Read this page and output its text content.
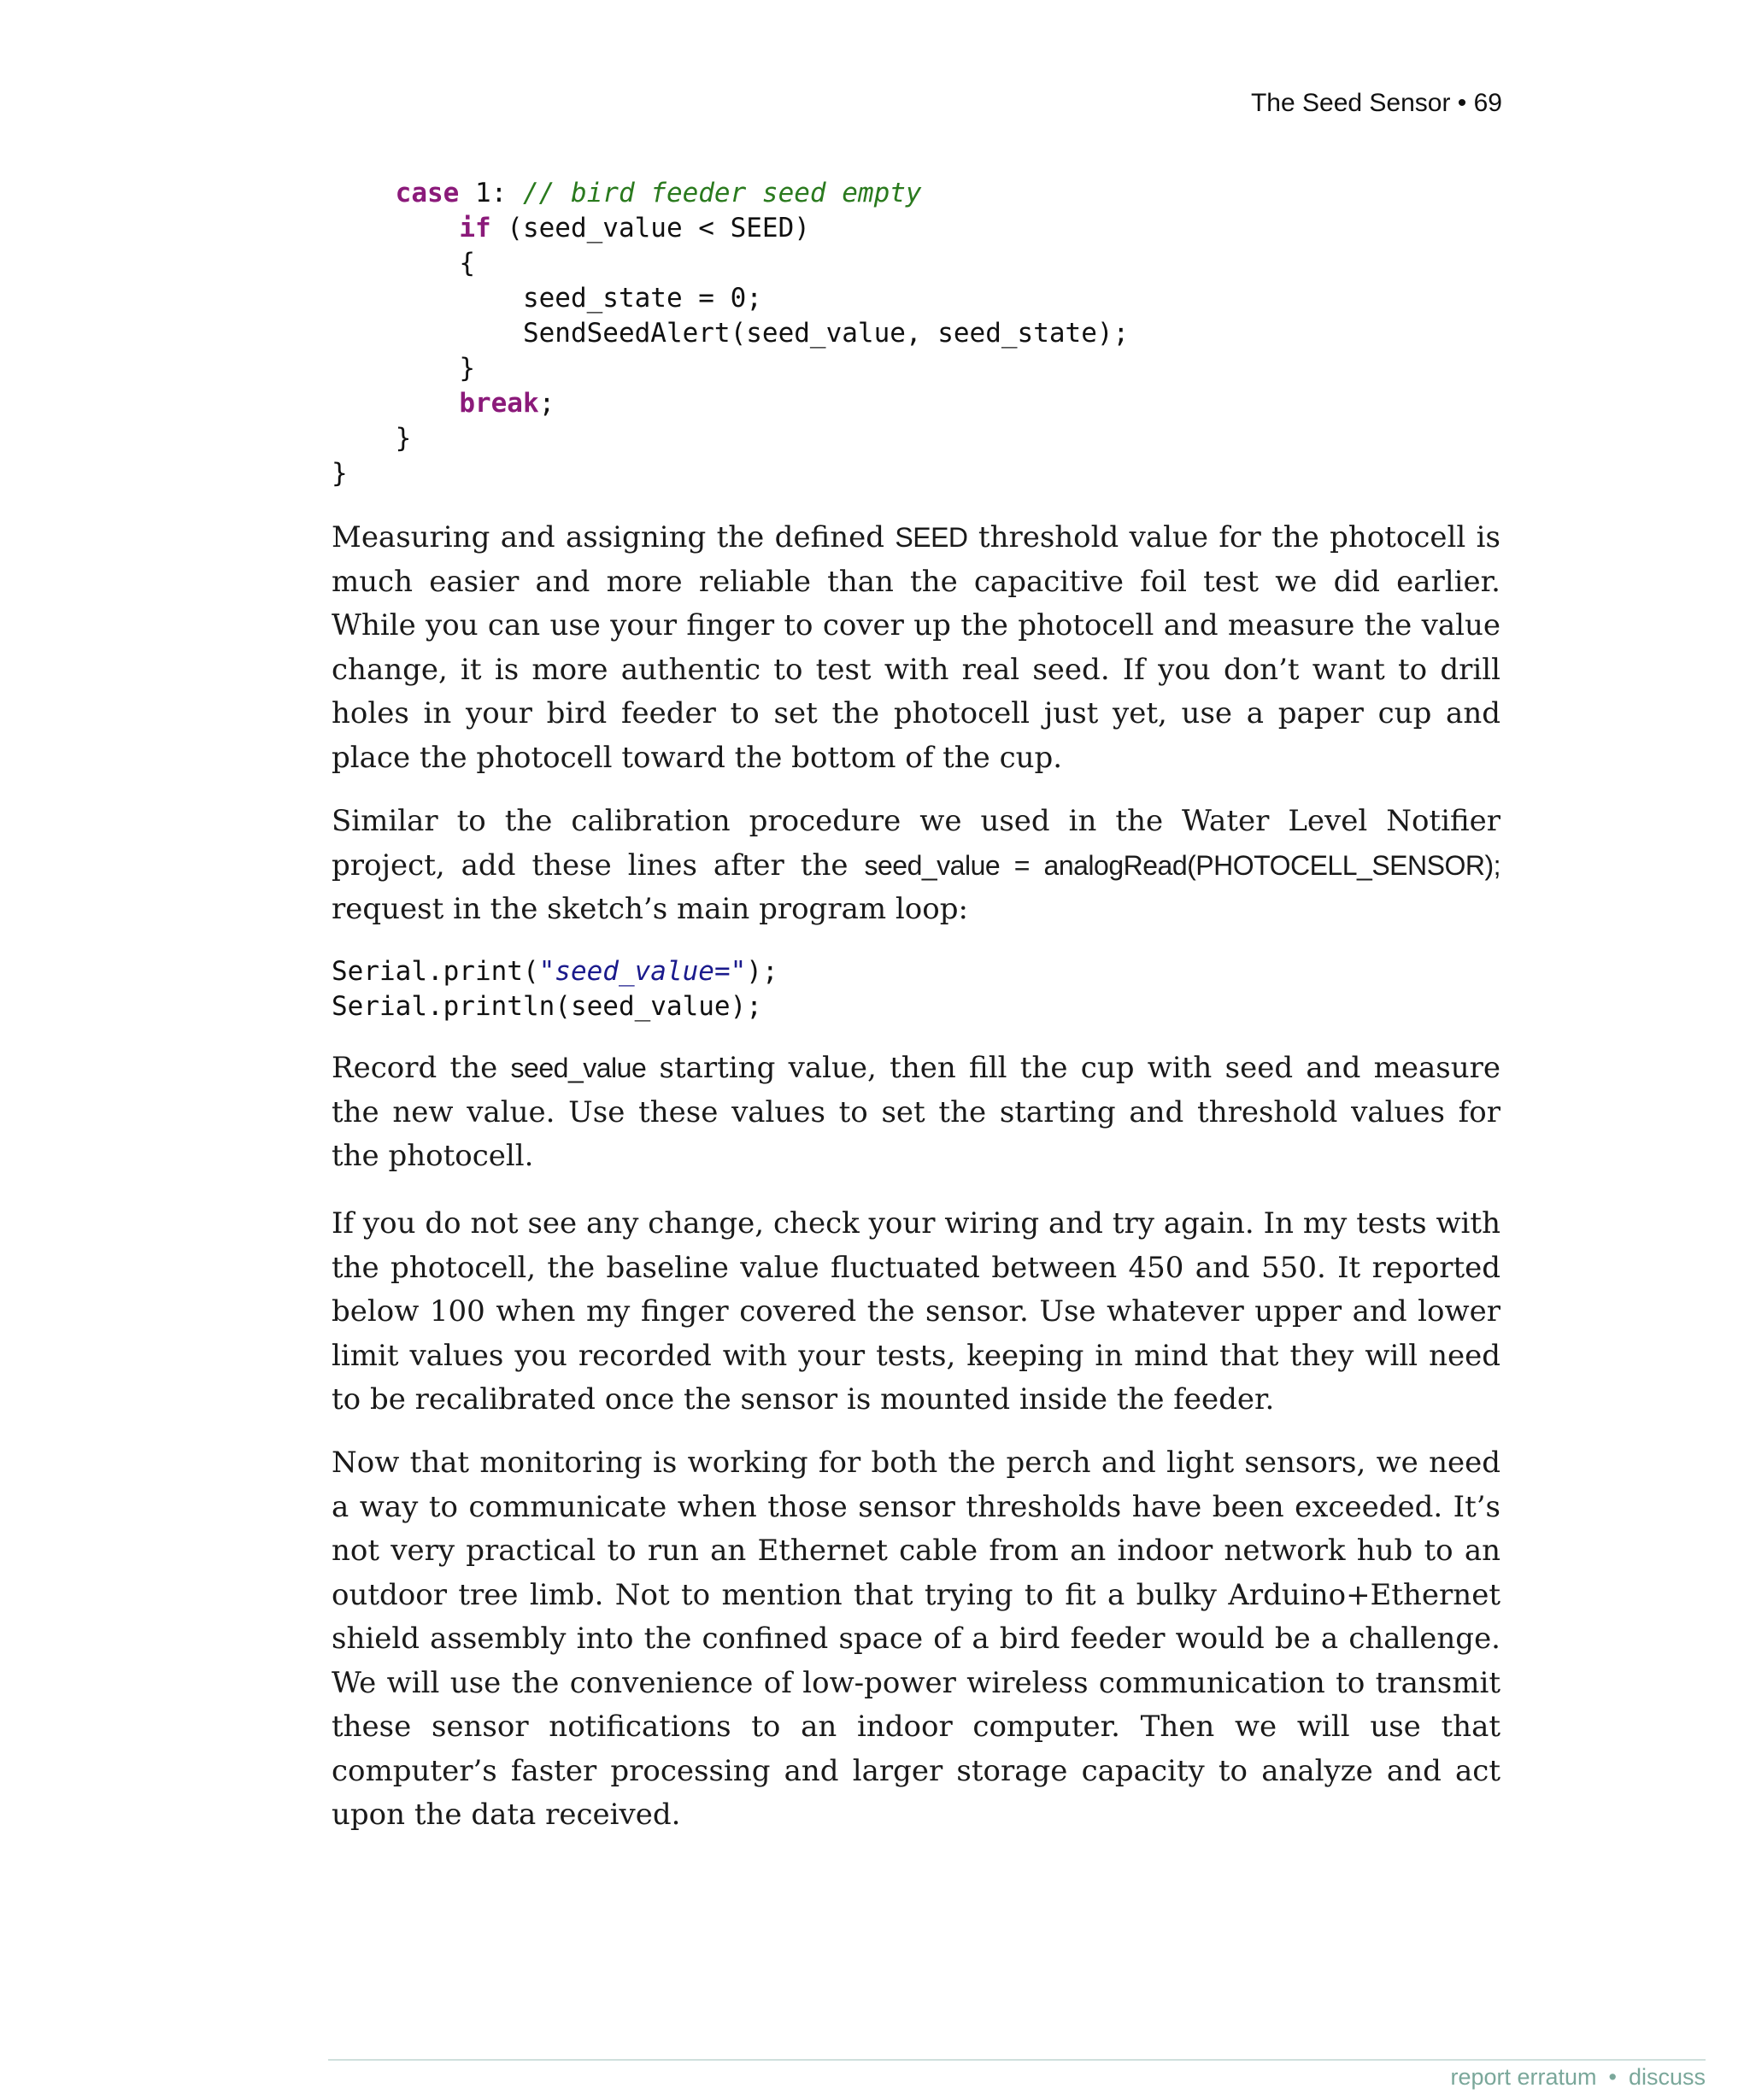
The Seed Sensor • 69
case 1: // bird feeder seed empty
if (seed_value < SEED)
{
seed_state = 0;
SendSeedAlert(seed_value, seed_state);
}
break;
}
}

Measuring and assigning the defined SEED threshold value for the photocell is much easier and more reliable than the capacitive foil test we did earlier. While you can use your finger to cover up the photocell and measure the value change, it is more authentic to test with real seed. If you don’t want to drill holes in your bird feeder to set the photocell just yet, use a paper cup and place the photocell toward the bottom of the cup.

Similar to the calibration procedure we used in the Water Level Notifier project, add these lines after the seed_value = analogRead(PHOTOCELL_SENSOR); request in the sketch’s main program loop:

Serial.print("seed_value=");
Serial.println(seed_value);

Record the seed_value starting value, then fill the cup with seed and measure the new value. Use these values to set the starting and threshold values for the photocell.

If you do not see any change, check your wiring and try again. In my tests with the photocell, the baseline value fluctuated between 450 and 550. It reported below 100 when my finger covered the sensor. Use whatever upper and lower limit values you recorded with your tests, keeping in mind that they will need to be recalibrated once the sensor is mounted inside the feeder.

Now that monitoring is working for both the perch and light sensors, we need a way to communicate when those sensor thresholds have been exceeded. It’s not very practical to run an Ethernet cable from an indoor network hub to an outdoor tree limb. Not to mention that trying to fit a bulky Arduino+Ethernet shield assembly into the confined space of a bird feeder would be a challenge. We will use the convenience of low-power wireless communication to transmit these sensor notifications to an indoor computer. Then we will use that computer’s faster processing and larger storage capacity to analyze and act upon the data received.

report erratum • discuss
